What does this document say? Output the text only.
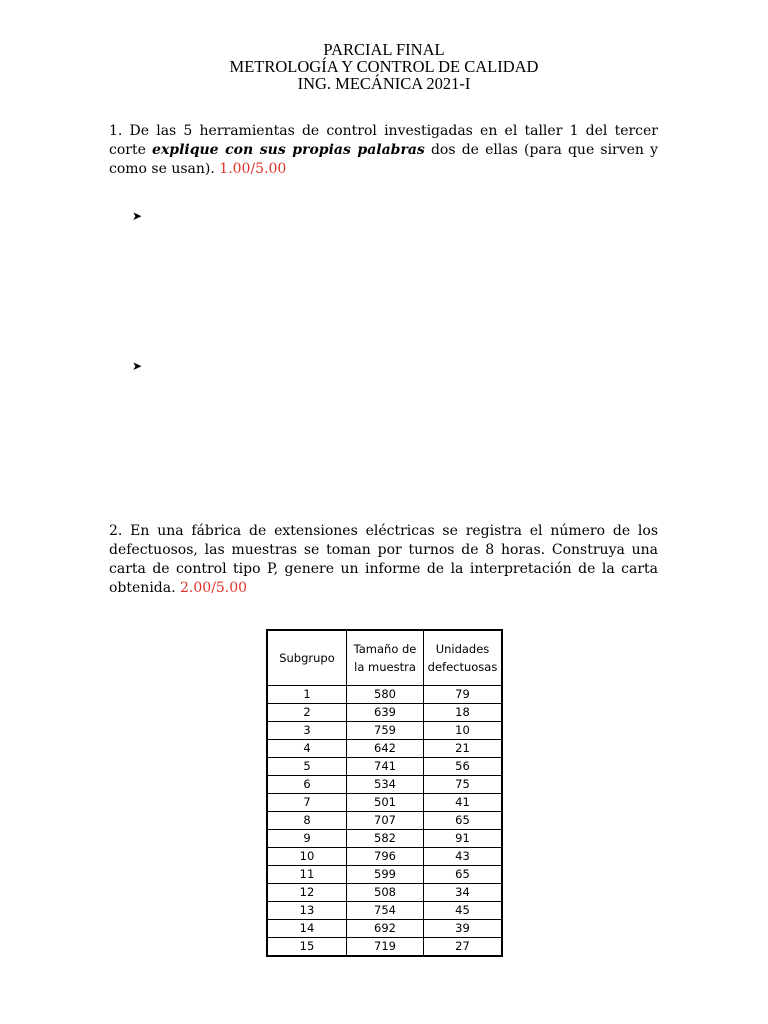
PARCIAL FINAL
METROLOGÍA Y CONTROL DE CALIDAD
ING. MECÁNICA 2021-I
1. De las 5 herramientas de control investigadas en el taller 1 del tercer corte explique con sus propias palabras dos de ellas (para que sirven y como se usan). 1.00/5.00
➤
➤
2. En una fábrica de extensiones eléctricas se registra el número de los defectuosos, las muestras se toman por turnos de 8 horas. Construya una carta de control tipo P, genere un informe de la interpretación de la carta obtenida. 2.00/5.00
Subgrupo	Tamaño de la muestra	Unidades defectuosas
1	580	79
2	639	18
3	759	10
4	642	21
5	741	56
6	534	75
7	501	41
8	707	65
9	582	91
10	796	43
11	599	65
12	508	34
13	754	45
14	692	39
15	719	27
